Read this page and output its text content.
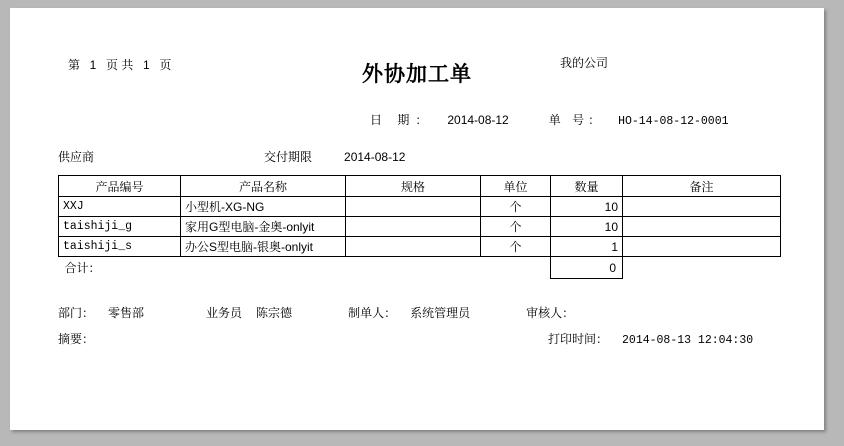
第 1 页 共 1 页	外协加工单	我的公司
日 期： 2014-08-12	单 号： HO-14-08-12-0001
供应商	交付期限	2014-08-12
产品编号	产品名称	规格	单位	数量	备注
XXJ	小型机-XG-NG		个	10	
taishiji_g	家用G型电脑-金奥-onlyit		个	10	
taishiji_s	办公S型电脑-银奥-onlyit		个	1	
合计：				0	
部门： 零售部	业务员 陈宗德	制单人： 系统管理员	审核人：
摘要：	打印时间： 2014-08-13 12:04:30
